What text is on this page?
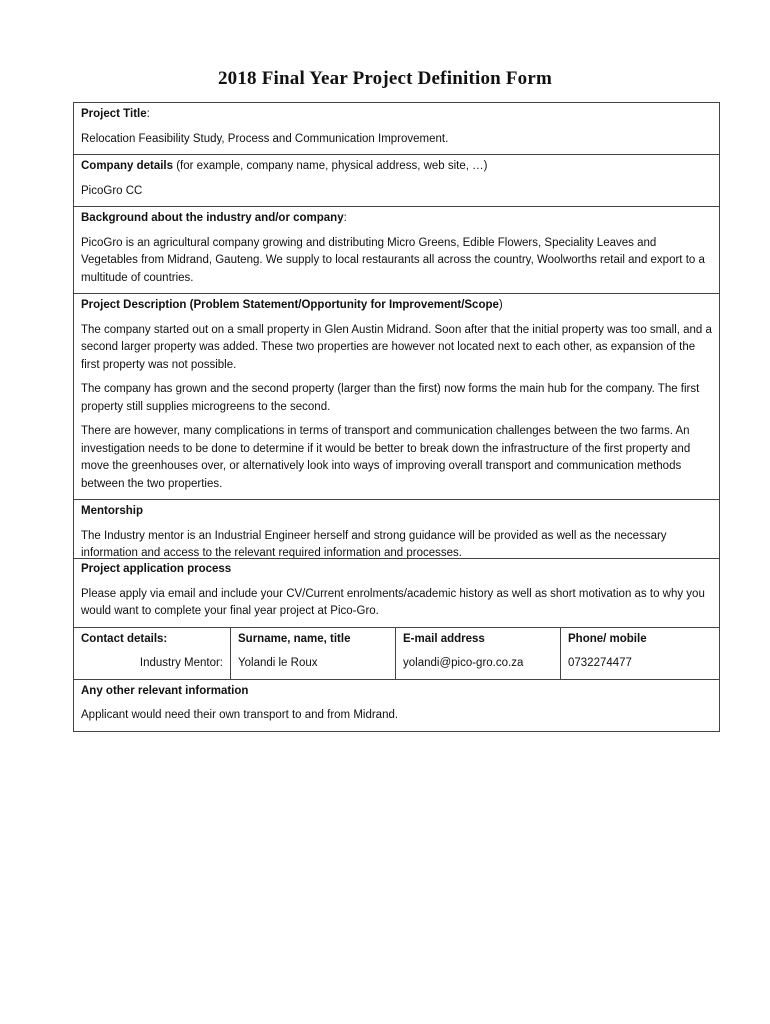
2018 Final Year Project Definition Form
Project Title:
Relocation Feasibility Study, Process and Communication Improvement.
Company details (for example, company name, physical address, web site, …)
PicoGro CC
Background about the industry and/or company:
PicoGro is an agricultural company growing and distributing Micro Greens, Edible Flowers, Speciality Leaves and Vegetables from Midrand, Gauteng. We supply to local restaurants all across the country, Woolworths retail and export to a multitude of countries.
Project Description (Problem Statement/Opportunity for Improvement/Scope)
The company started out on a small property in Glen Austin Midrand. Soon after that the initial property was too small, and a second larger property was added. These two properties are however not located next to each other, as expansion of the first property was not possible.
The company has grown and the second property (larger than the first) now forms the main hub for the company. The first property still supplies microgreens to the second.
There are however, many complications in terms of transport and communication challenges between the two farms. An investigation needs to be done to determine if it would be better to break down the infrastructure of the first property and move the greenhouses over, or alternatively look into ways of improving overall transport and communication methods between the two properties.
Mentorship
The Industry mentor is an Industrial Engineer herself and strong guidance will be provided as well as the necessary information and access to the relevant required information and processes.
Project application process
Please apply via email and include your CV/Current enrolments/academic history as well as short motivation as to why you would want to complete your final year project at Pico-Gro.
Contact details:
Industry Mentor:
Surname, name, title
Yolandi le Roux
E-mail address
yolandi@pico-gro.co.za
Phone/ mobile
0732274477
Any other relevant information
Applicant would need their own transport to and from Midrand.
